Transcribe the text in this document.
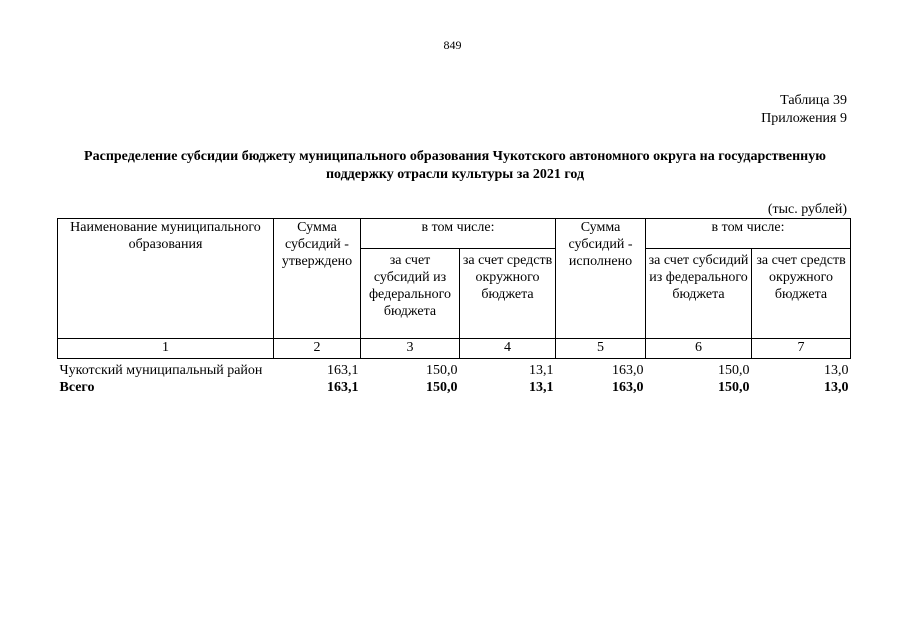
849
Таблица 39
Приложения 9
Распределение субсидии бюджету муниципального образования Чукотского автономного округа на государственную поддержку отрасли культуры за 2021 год
(тыс. рублей)
Наименование муниципального образования	Сумма субсидий - утверждено	в том числе:		Сумма субсидий - исполнено	в том числе:	
		за счет субсидий из федерального бюджета	за счет средств окружного бюджета		за счет субсидий из федерального бюджета	за счет средств окружного бюджета
1	2	3	4	5	6	7
Чукотский муниципальный район	163,1	150,0	13,1	163,0	150,0	13,0
Всего	163,1	150,0	13,1	163,0	150,0	13,0
